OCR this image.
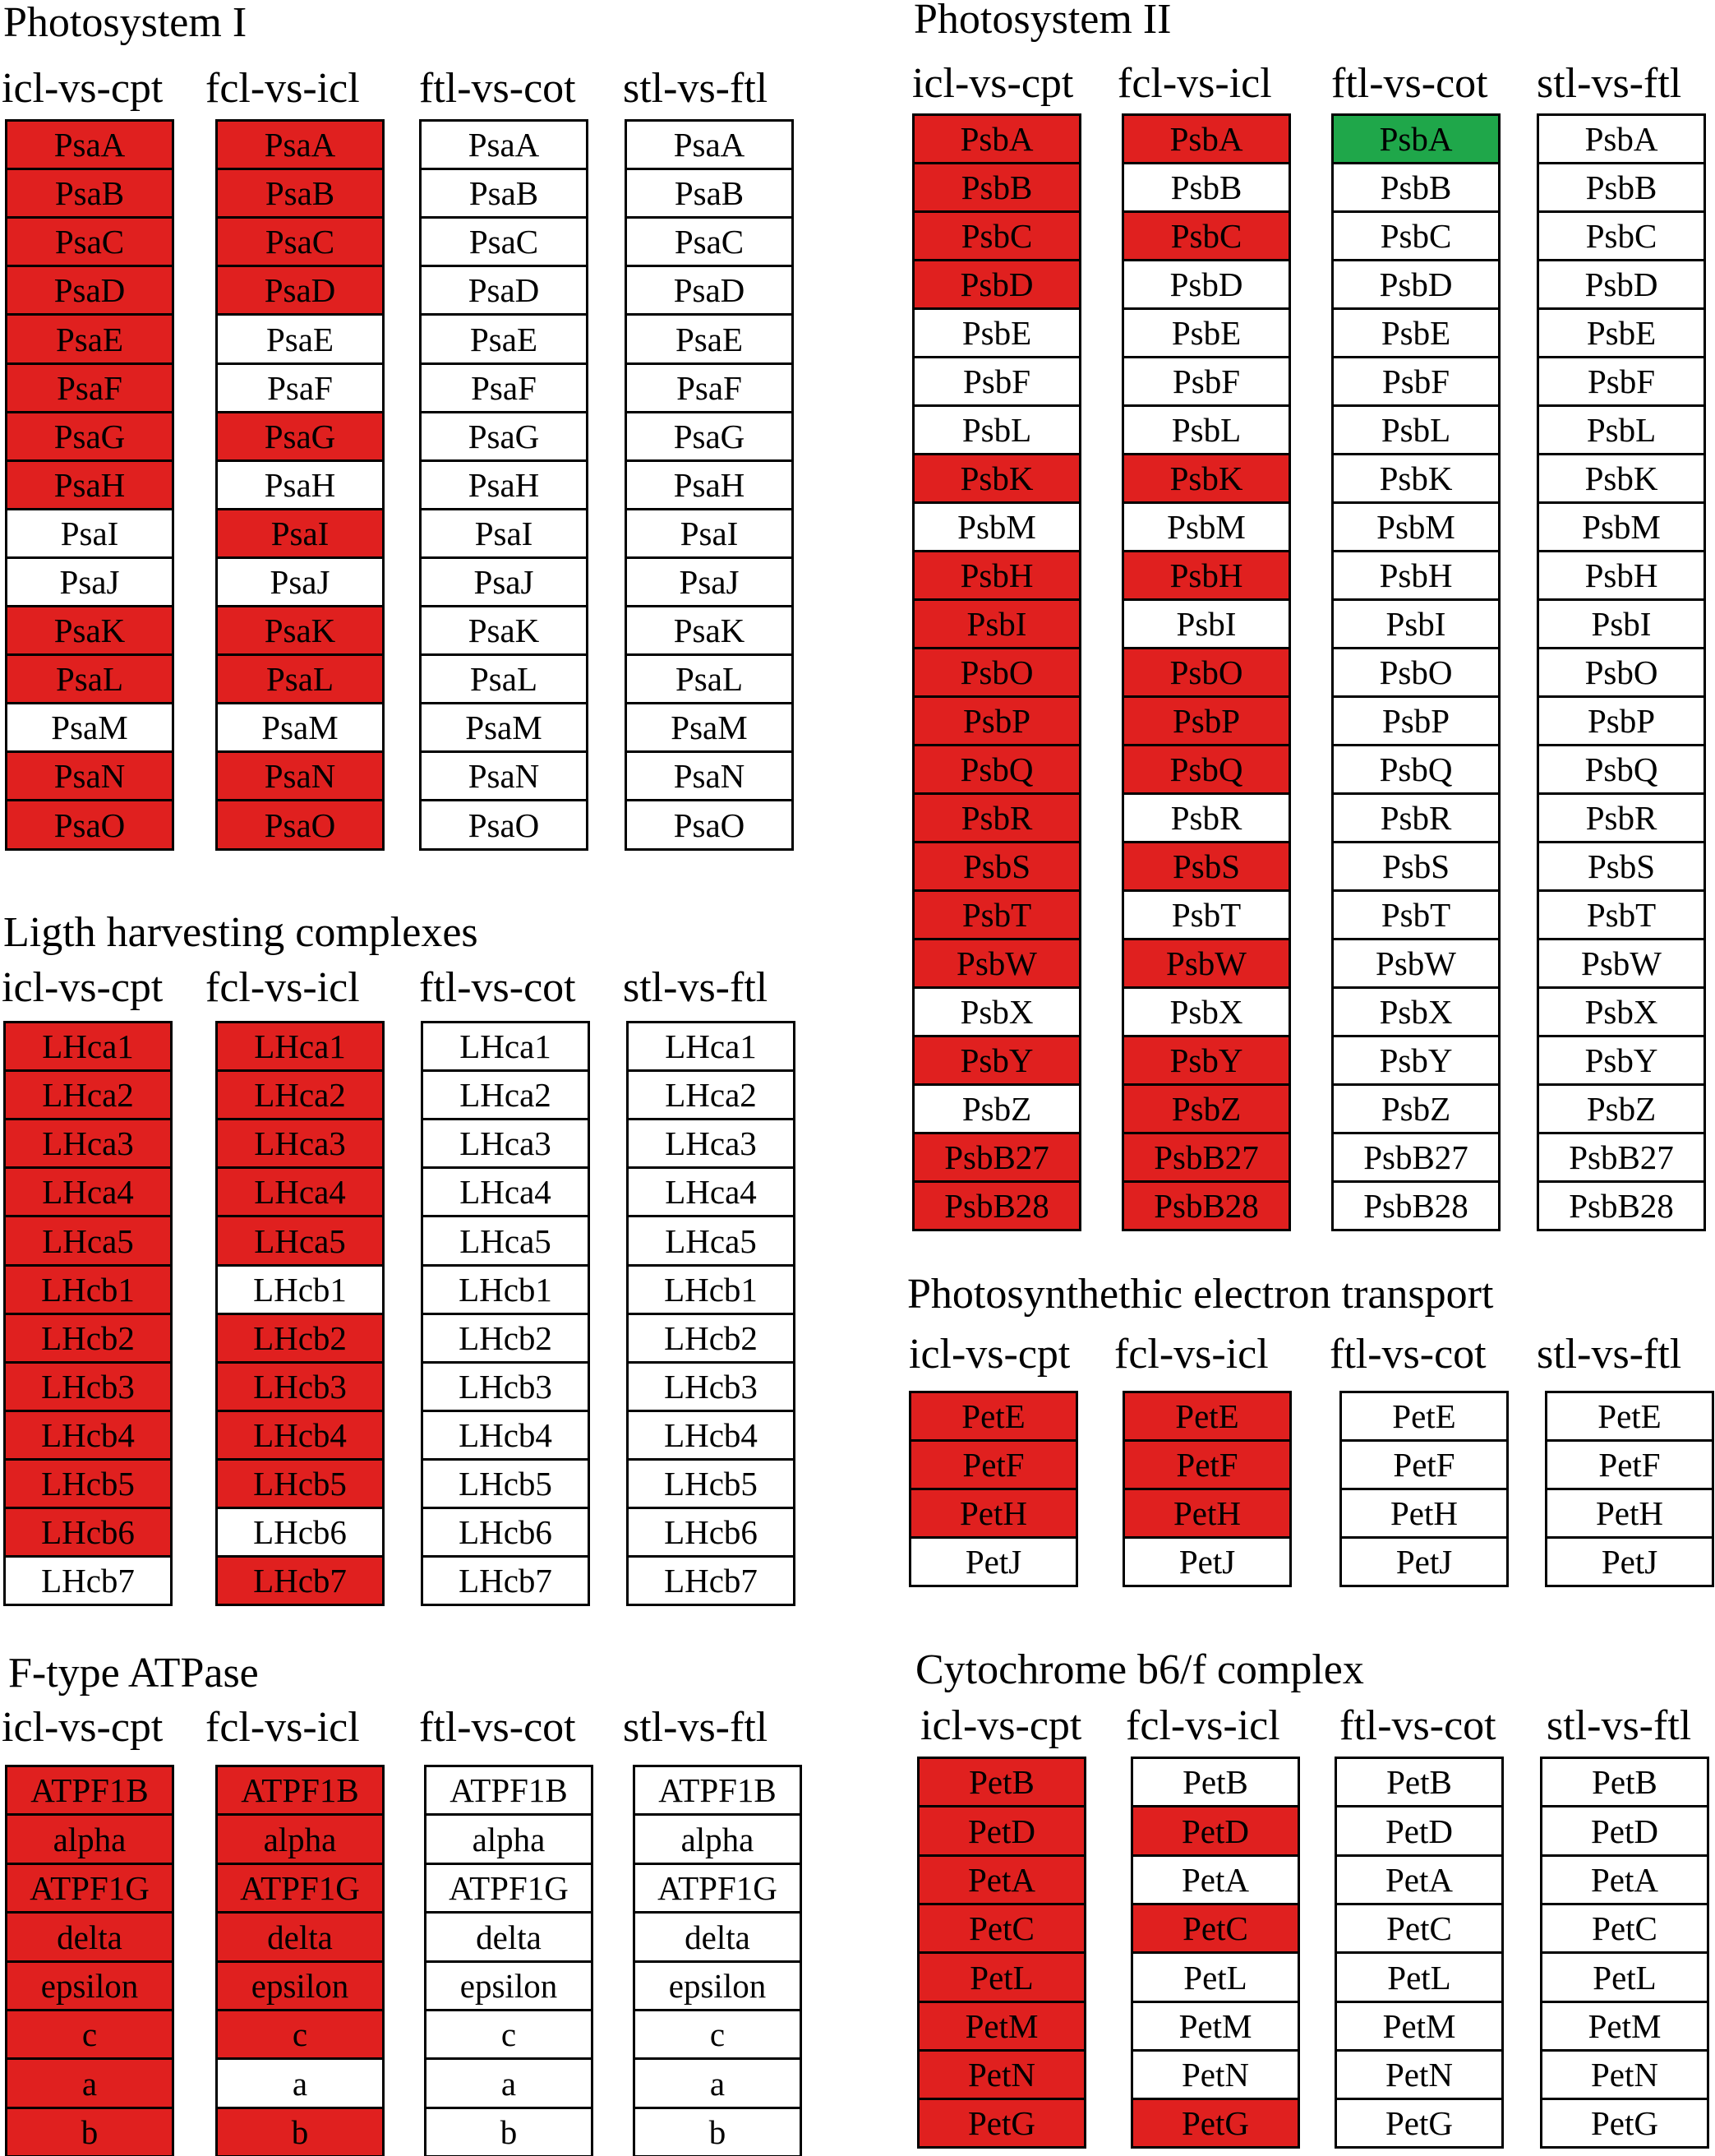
Photosystem I
icl-vs-cpt
PsaA
PsaB
PsaC
PsaD
PsaE
PsaF
PsaG
PsaH
PsaI
PsaJ
PsaK
PsaL
PsaM
PsaN
PsaO
fcl-vs-icl
PsaA
PsaB
PsaC
PsaD
PsaE
PsaF
PsaG
PsaH
PsaI
PsaJ
PsaK
PsaL
PsaM
PsaN
PsaO
ftl-vs-cot
PsaA
PsaB
PsaC
PsaD
PsaE
PsaF
PsaG
PsaH
PsaI
PsaJ
PsaK
PsaL
PsaM
PsaN
PsaO
stl-vs-ftl
PsaA
PsaB
PsaC
PsaD
PsaE
PsaF
PsaG
PsaH
PsaI
PsaJ
PsaK
PsaL
PsaM
PsaN
PsaO
Ligth harvesting complexes
icl-vs-cpt
LHca1
LHca2
LHca3
LHca4
LHca5
LHcb1
LHcb2
LHcb3
LHcb4
LHcb5
LHcb6
LHcb7
fcl-vs-icl
LHca1
LHca2
LHca3
LHca4
LHca5
LHcb1
LHcb2
LHcb3
LHcb4
LHcb5
LHcb6
LHcb7
ftl-vs-cot
LHca1
LHca2
LHca3
LHca4
LHca5
LHcb1
LHcb2
LHcb3
LHcb4
LHcb5
LHcb6
LHcb7
stl-vs-ftl
LHca1
LHca2
LHca3
LHca4
LHca5
LHcb1
LHcb2
LHcb3
LHcb4
LHcb5
LHcb6
LHcb7
F-type ATPase
icl-vs-cpt
ATPF1B
alpha
ATPF1G
delta
epsilon
c
a
b
fcl-vs-icl
ATPF1B
alpha
ATPF1G
delta
epsilon
c
a
b
ftl-vs-cot
ATPF1B
alpha
ATPF1G
delta
epsilon
c
a
b
stl-vs-ftl
ATPF1B
alpha
ATPF1G
delta
epsilon
c
a
b
Photosystem II
icl-vs-cpt
PsbA
PsbB
PsbC
PsbD
PsbE
PsbF
PsbL
PsbK
PsbM
PsbH
PsbI
PsbO
PsbP
PsbQ
PsbR
PsbS
PsbT
PsbW
PsbX
PsbY
PsbZ
PsbB27
PsbB28
fcl-vs-icl
PsbA
PsbB
PsbC
PsbD
PsbE
PsbF
PsbL
PsbK
PsbM
PsbH
PsbI
PsbO
PsbP
PsbQ
PsbR
PsbS
PsbT
PsbW
PsbX
PsbY
PsbZ
PsbB27
PsbB28
ftl-vs-cot
PsbA
PsbB
PsbC
PsbD
PsbE
PsbF
PsbL
PsbK
PsbM
PsbH
PsbI
PsbO
PsbP
PsbQ
PsbR
PsbS
PsbT
PsbW
PsbX
PsbY
PsbZ
PsbB27
PsbB28
stl-vs-ftl
PsbA
PsbB
PsbC
PsbD
PsbE
PsbF
PsbL
PsbK
PsbM
PsbH
PsbI
PsbO
PsbP
PsbQ
PsbR
PsbS
PsbT
PsbW
PsbX
PsbY
PsbZ
PsbB27
PsbB28
Photosynthethic electron transport
icl-vs-cpt
PetE
PetF
PetH
PetJ
fcl-vs-icl
PetE
PetF
PetH
PetJ
ftl-vs-cot
PetE
PetF
PetH
PetJ
stl-vs-ftl
PetE
PetF
PetH
PetJ
Cytochrome b6/f complex
icl-vs-cpt
PetB
PetD
PetA
PetC
PetL
PetM
PetN
PetG
fcl-vs-icl
PetB
PetD
PetA
PetC
PetL
PetM
PetN
PetG
ftl-vs-cot
PetB
PetD
PetA
PetC
PetL
PetM
PetN
PetG
stl-vs-ftl
PetB
PetD
PetA
PetC
PetL
PetM
PetN
PetG
